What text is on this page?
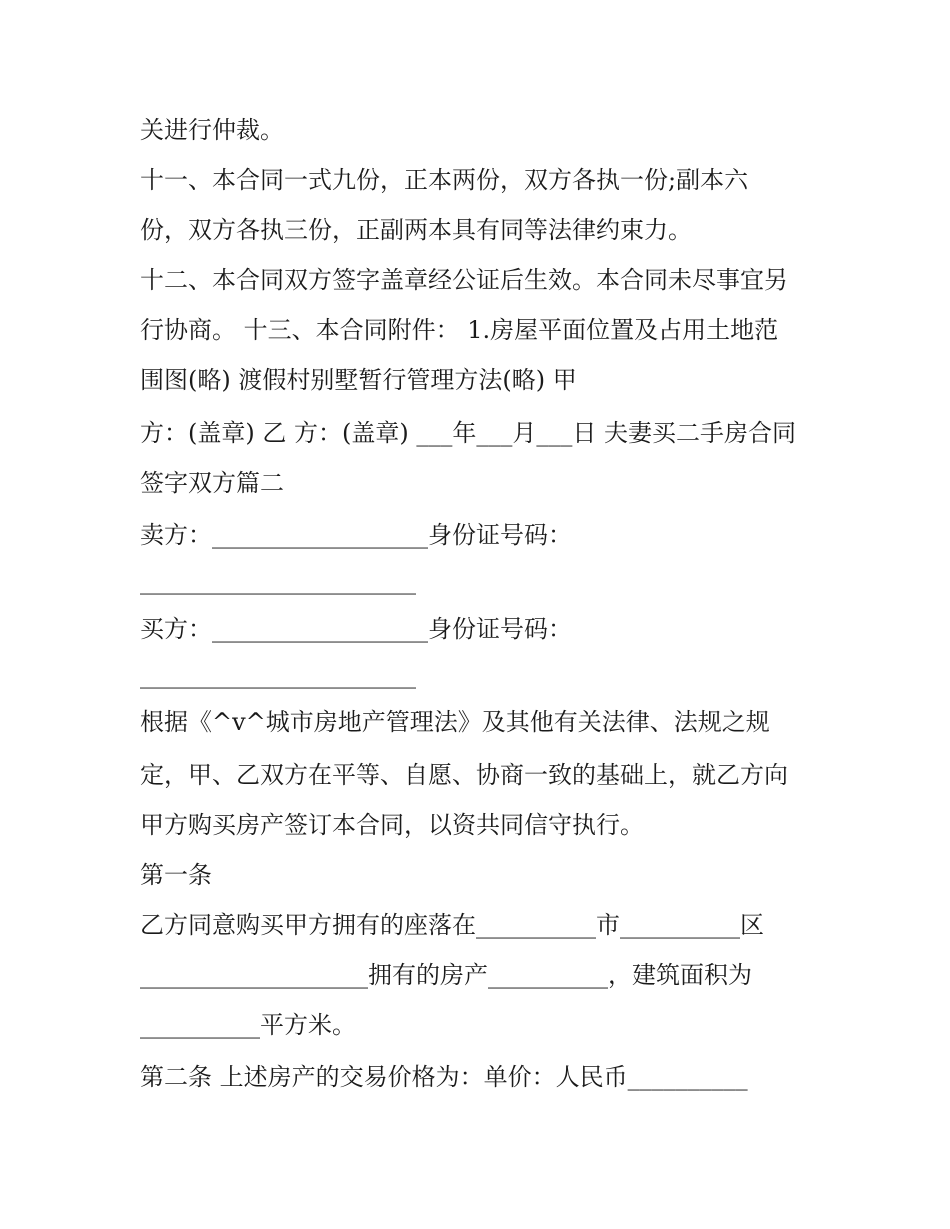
关进行仲裁。
十一、本合同一式九份，正本两份，双方各执一份;副本六
份，双方各执三份，正副两本具有同等法律约束力。
十二、本合同双方签字盖章经公证后生效。本合同未尽事宜另
行协商。 十三、本合同附件： 1.房屋平面位置及占用土地范
围图(略) 渡假村别墅暂行管理方法(略) 甲
方：(盖章) 乙 方：(盖章) ___年___月___日 夫妻买二手房合同
签字双方篇二
卖方：__________________身份证号码：
_______________________
买方：__________________身份证号码：
_______________________
根据《^v^城市房地产管理法》及其他有关法律、法规之规
定，甲、乙双方在平等、自愿、协商一致的基础上，就乙方向
甲方购买房产签订本合同，以资共同信守执行。
第一条
乙方同意购买甲方拥有的座落在__________市__________区
___________________拥有的房产__________，建筑面积为
__________平方米。
第二条 上述房产的交易价格为：单价：人民币__________
